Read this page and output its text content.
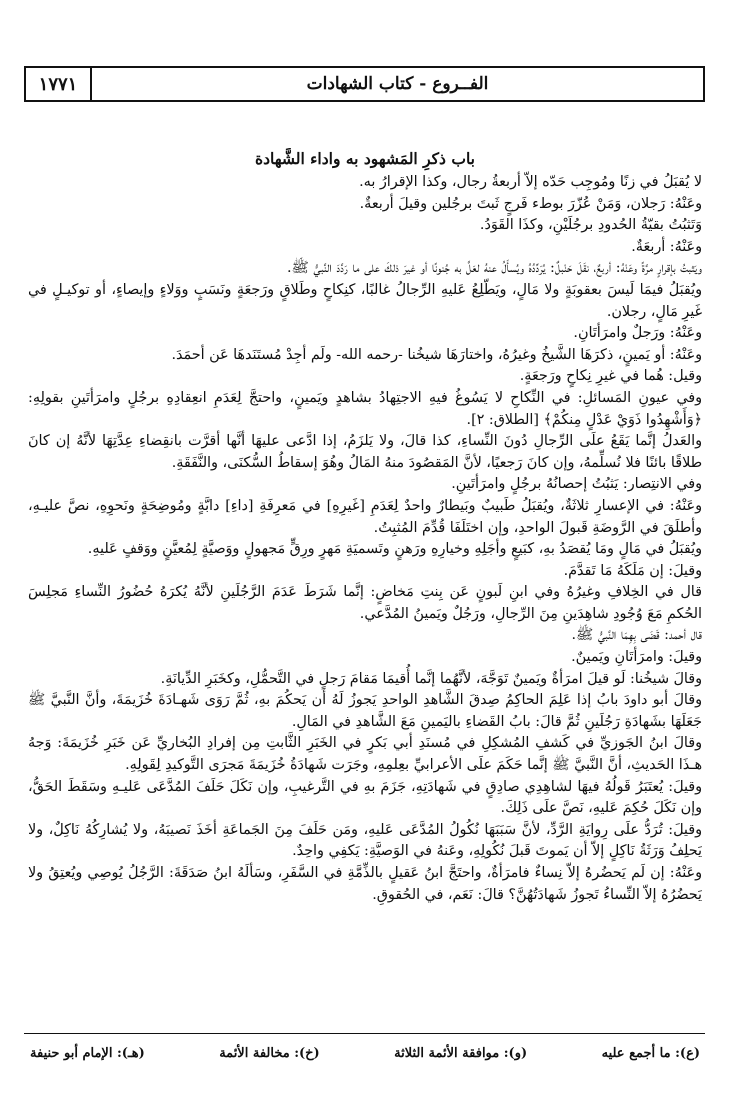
١٧٧١	الفــروع - كتاب الشهادات
باب ذكرِ المَشهود به واداء الشَّهادة

لا يُقبَلُ في زنًا ومُوجِب حَدّه إلاّ أربعةُ رجال، وكذا الإقرارُ به.

وعَنْهُ: رَجلان، وَمَنْ عُزّرَ بوطء فَرجٍ ثَبتَ برجُلين وقيلَ أربعةٌ.

وَتَثبُتُ بقيّةُ الحُدودِ برجُلَيْنِ، وكذَا القَوَدُ.

وعَنْهُ: أربعَةٌ.

ويَثبتُ بإقرارٍ مرَّةً وعَنْهُ: أربعٌ، نقَلَ حَنْبلٌ: يُرَدِّدُهُ ويُسأَلُ عنهُ لعَلَّ به جُنونًا أو غيرَ ذلكَ على ما رَدَّدَ النَّبيُّ ﷺ.

ويُقبَلُ فيمَا لَيسَ بعقوبَةٍ ولا مَالٍ، ويَطّلِعُ عَليهِ الرِّجالُ غالبًا، كنِكاحٍ وطَلاقٍ ورَجعَةٍ ونَسَبٍ ووَلاءٍ وإيصاءٍ، أو توكيـلٍ في غَيرِ مَالٍ، رجلان.

وعَنْهُ: ورَجلٌ وامرَأتَانِ.

وعَنْهُ: أو يَمينٍ، ذكرَهَا الشَّيخُ وغيرُهُ، واختارَهَا شيخُنا -رحمه الله- ولَم أجِدْ مُستَنَدهَا عَن أحمَدَ.

وقيل: هُما في غيرِ نِكاحٍ ورَجعَةٍ.

وفي عيونِ المَسائلِ: في النِّكاحِ لا يَسُوغُ فيهِ الاجتِهادُ بشاهدٍ ويَمينٍ، واحتجَّ لِعَدَمِ انعِقادِهِ برجُلٍ وامرَأتَينِ بقولِهِ: ﴿وَأَشْهِدُوا ذَوَيْ عَدْلٍ مِنكُمْ﴾ [الطلاق: ٢].

والعَدلُ إنَّما يَقَعُ علَى الرِّجالِ دُونَ النِّساءِ، كذا قالَ، ولا يَلزَمُ، إذا ادَّعى عليهَا أنَّها أقرَّت بانقِضاءِ عِدَّتِهَا لأنَّهُ إن كانَ طلاقًا بائنًا فلا نُسلِّمهُ، وإن كانَ رَجعيًا، لأنَّ المَقصُودَ منهُ المَالُ وهُوَ إسقاطُ السُّكنَى، والنَّفَقَةِ.

وفي الانتِصار: يَثبُتُ إحصانُهُ برجُلٍ وامرَأتَينِ.

وعَنْهُ: في الإعسارِ ثلاثَةٌ، ويُقبَلُ طَبيبٌ وبَيطارٌ واحدٌ لِعَدَمِ [غَيرِهِ] في مَعرِفَةِ [داءِ] دابَّةٍ ومُوضِحَةٍ ونَحوِهِ، نصَّ عليـهِ، وأطلَقَ في الرَّوضَةِ قَبولَ الواحدِ، وإن اختَلَفَا قُدِّمَ المُثبِتُ.

ويُقبَلُ في مَالٍ ومَا يُقصَدُ بهِ، كبَيعٍ وأجَلِهِ وخيارِهِ ورَهنٍ وتَسميَةِ مَهرٍ ورِقٍّ مَجهولٍ ووَصيَّةٍ لِمُعيَّنٍ ووَقفٍ عَليهِ.

وقيلَ: إن مَلَكَهُ مَا تَقدَّمَ.

قال في الخِلافِ وغيرُهُ وفي ابنِ لَبونٍ عَن بِنتِ مَخاضٍ: إنَّما شَرَطَ عَدَمَ الرَّجُلَينِ لأنَّهُ يُكرَهُ حُضُورُ النِّساءِ مَجلِسَ الحُكمِ مَعَ وُجُودِ شاهِدَينِ مِنَ الرِّجالِ، ورَجُلٌ ويَمينُ المُدَّعي.

قال أحمد: قَضَى بِهِمَا النَّبيُّ ﷺ.

وقيلَ: وامرَأتَانِ ويَمينٌ.

وقالَ شيخُنا: لَو قيلَ امرَأةٌ ويَمينٌ تَوَجَّهَ، لأنَّهُما إنَّما أُقيمَا مَقامَ رَجلٍ في التَّحمُّلِ، وكخَبَرِ الدِّيانَةِ.

وقالَ أبو داودَ بابُ إذا عَلِمَ الحاكِمُ صِدقَ الشَّاهدِ الواحدِ يَجوزُ لَهُ أن يَحكُمَ بهِ، ثُمَّ رَوَى شَهـادَةَ خُزَيمَةَ، وأنَّ النَّبيَّ ﷺ جَعَلَهَا بشَهادَةِ رَجُلَينِ ثُمَّ قالَ: بابُ القَضاءِ باليَمينِ مَعَ الشَّاهدِ في المَالِ.

وقالَ ابنُ الجَوزيِّ في كَشفِ المُشكِلِ في مُسنَدِ أبي بَكرٍ في الخَبَرِ الثَّابتِ مِن إفرادِ البُخاريِّ عَن خَبَرِ خُزَيمَةَ: وَجهُ هـذَا الحَديثِ، أنَّ النَّبيَّ ﷺ إنَّما حَكَمَ علَى الأعرابيِّ بعِلمِهِ، وجَرَت شَهادَةُ خُزَيمَةَ مَجرَى التَّوكيدِ لِقَولِهِ.

وقيلَ: يُعتَبَرُ قَولُهُ فيهَا لشاهِدِي صادِقٍ في شَهادَتِهِ، جَزَمَ بهِ في التَّرغيبِ، وإن نَكَلَ حَلَفَ المُدَّعَى عَليـهِ وسَقَطَ الحَقُّ، وإن نَكَلَ حُكِمَ عَليهِ، نَصَّ علَى ذَلِكَ.

وقيلَ: تُرَدُّ علَى رِوايَةِ الرَّدِّ، لأنَّ سَبَبَهَا نُكُولُ المُدَّعَى عَليهِ، ومَن حَلَفَ مِنَ الجَماعَةِ أخَذَ نَصيبَهُ، ولا يُشارِكُهُ نَاكِلٌ، ولا يَحلِفُ وَرَثَةُ نَاكِلٍ إلاّ أن يَموتَ قَبلَ نُكُولِهِ، وعَنهُ في الوَصيَّةِ: يَكفِي واحِدٌ.

وعَنْهُ: إن لَم يَحضُرهُ إلاّ نِساءٌ فامرَأةٌ، واحتَجَّ ابنُ عَقيلٍ بالذِّمَّةِ في السَّفَرِ، وسَألَهُ ابنُ صَدَقَةَ: الرَّجُلُ يُوصِي ويُعتِقُ ولا يَحضُرُهُ إلاّ النِّساءُ تَجوزُ شَهادَتُهُنَّ؟ قالَ: نَعَم، في الحُقوقِ.

(ع): ما أجمع عليه
(و): موافقة الأئمة الثلاثة
(خ): مخالفة الأئمة
(هـ): الإمام أبو حنيفة
